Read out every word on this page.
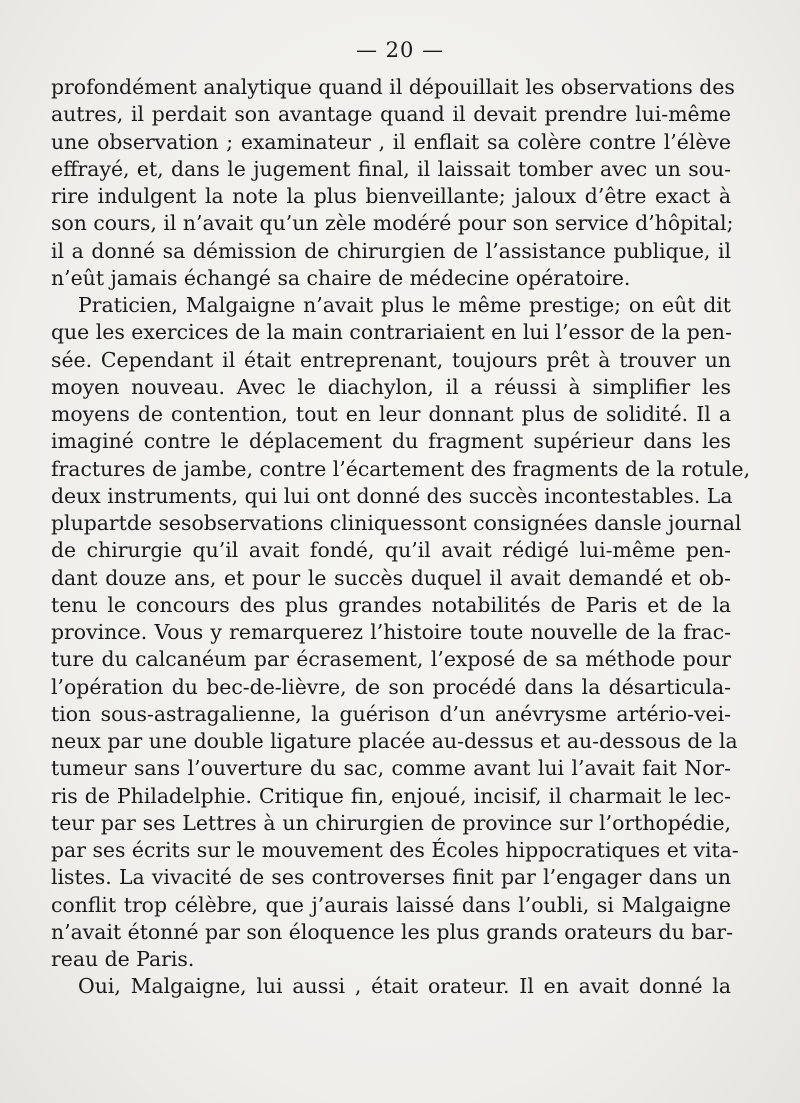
— 20 —

profondément analytique quand il dépouillait les observations des
autres, il perdait son avantage quand il devait prendre lui-même
une observation ; examinateur , il enflait sa colère contre l’élève
effrayé, et, dans le jugement final, il laissait tomber avec un sou-
rire indulgent la note la plus bienveillante; jaloux d’être exact à
son cours, il n’avait qu’un zèle modéré pour son service d’hôpital;
il a donné sa démission de chirurgien de l’assistance publique, il
n’eût jamais échangé sa chaire de médecine opératoire.

Praticien, Malgaigne n’avait plus le même prestige; on eût dit
que les exercices de la main contrariaient en lui l’essor de la pen-
sée. Cependant il était entreprenant, toujours prêt à trouver un
moyen nouveau. Avec le diachylon, il a réussi à simplifier les
moyens de contention, tout en leur donnant plus de solidité. Il a
imaginé contre le déplacement du fragment supérieur dans les
fractures de jambe, contre l’écartement des fragments de la rotule,
deux instruments, qui lui ont donné des succès incontestables. La
plupartde sesobservations cliniquessont consignées dansle journal
de chirurgie qu’il avait fondé, qu’il avait rédigé lui-même pen-
dant douze ans, et pour le succès duquel il avait demandé et ob-
tenu le concours des plus grandes notabilités de Paris et de la
province. Vous y remarquerez l’histoire toute nouvelle de la frac-
ture du calcanéum par écrasement, l’exposé de sa méthode pour
l’opération du bec-de-lièvre, de son procédé dans la désarticula-
tion sous-astragalienne, la guérison d’un anévrysme artério-vei-
neux par une double ligature placée au-dessus et au-dessous de la
tumeur sans l’ouverture du sac, comme avant lui l’avait fait Nor-
ris de Philadelphie. Critique fin, enjoué, incisif, il charmait le lec-
teur par ses Lettres à un chirurgien de province sur l’orthopédie,
par ses écrits sur le mouvement des Écoles hippocratiques et vita-
listes. La vivacité de ses controverses finit par l’engager dans un
conflit trop célèbre, que j’aurais laissé dans l’oubli, si Malgaigne
n’avait étonné par son éloquence les plus grands orateurs du bar-
reau de Paris.

Oui, Malgaigne, lui aussi , était orateur. Il en avait donné la
